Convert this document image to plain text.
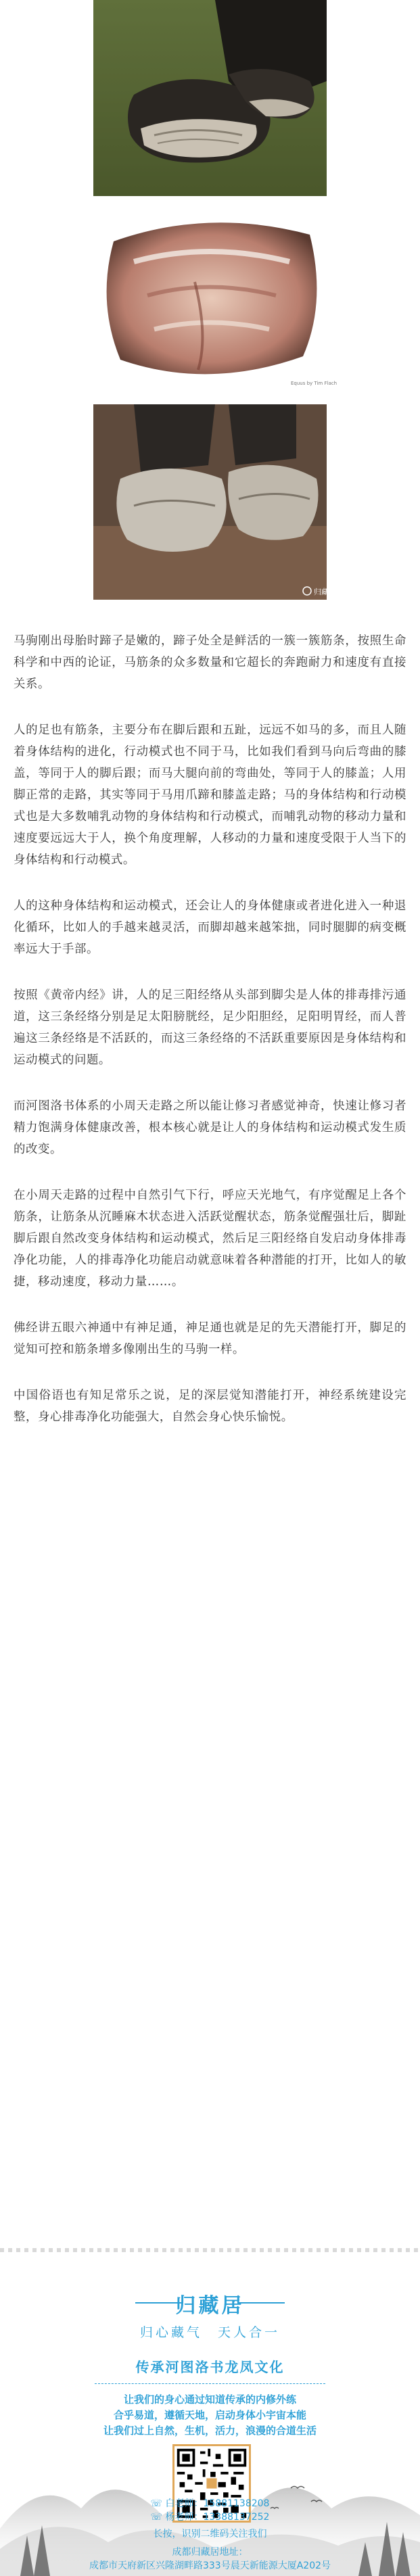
Equus by Tim Flach
归藏居

马驹刚出母胎时蹄子是嫩的，蹄子处全是鲜活的一簇一簇筋条，按照生命科学和中西的论证，马筋条的众多数量和它超长的奔跑耐力和速度有直接关系。

人的足也有筋条，主要分布在脚后跟和五趾，远远不如马的多，而且人随着身体结构的进化，行动模式也不同于马，比如我们看到马向后弯曲的膝盖，等同于人的脚后跟；而马大腿向前的弯曲处，等同于人的膝盖；人用脚正常的走路，其实等同于马用爪蹄和膝盖走路；马的身体结构和行动模式也是大多数哺乳动物的身体结构和行动模式，而哺乳动物的移动力量和速度要远远大于人，换个角度理解，人移动的力量和速度受限于人当下的身体结构和行动模式。

人的这种身体结构和运动模式，还会让人的身体健康或者进化进入一种退化循环，比如人的手越来越灵活，而脚却越来越笨拙，同时腿脚的病变概率远大于手部。

按照《黄帝内经》讲，人的足三阳经络从头部到脚尖是人体的排毒排污通道，这三条经络分别是足太阳膀胱经，足少阳胆经，足阳明胃经，而人普遍这三条经络是不活跃的，而这三条经络的不活跃重要原因是身体结构和运动模式的问题。

而河图洛书体系的小周天走路之所以能让修习者感觉神奇，快速让修习者精力饱满身体健康改善，根本核心就是让人的身体结构和运动模式发生质的改变。

在小周天走路的过程中自然引气下行，呼应天光地气，有序觉醒足上各个筋条，让筋条从沉睡麻木状态进入活跃觉醒状态，筋条觉醒强壮后，脚趾脚后跟自然改变身体结构和运动模式，然后足三阳经络自发启动身体排毒净化功能，人的排毒净化功能启动就意味着各种潜能的打开，比如人的敏捷，移动速度，移动力量……。

佛经讲五眼六神通中有神足通，神足通也就是足的先天潜能打开，脚足的觉知可控和筋条增多像刚出生的马驹一样。

中国俗语也有知足常乐之说，足的深层觉知潜能打开，神经系统建设完整，身心排毒净化功能强大，自然会身心快乐愉悦。

归藏居
归心藏气　天人合一
传承河图洛书龙凤文化
让我们的身心通过知道传承的内修外练
合乎易道，遵循天地，启动身体小宇宙本能
让我们过上自然，生机，活力，浪漫的合道生活
长按，识别二维码关注我们
成都归藏居地址：
成都市天府新区兴隆湖畔路333号晨天新能源大厦A202号
☏ 白老师：15881138208
☏ 杨老师：13388137252
